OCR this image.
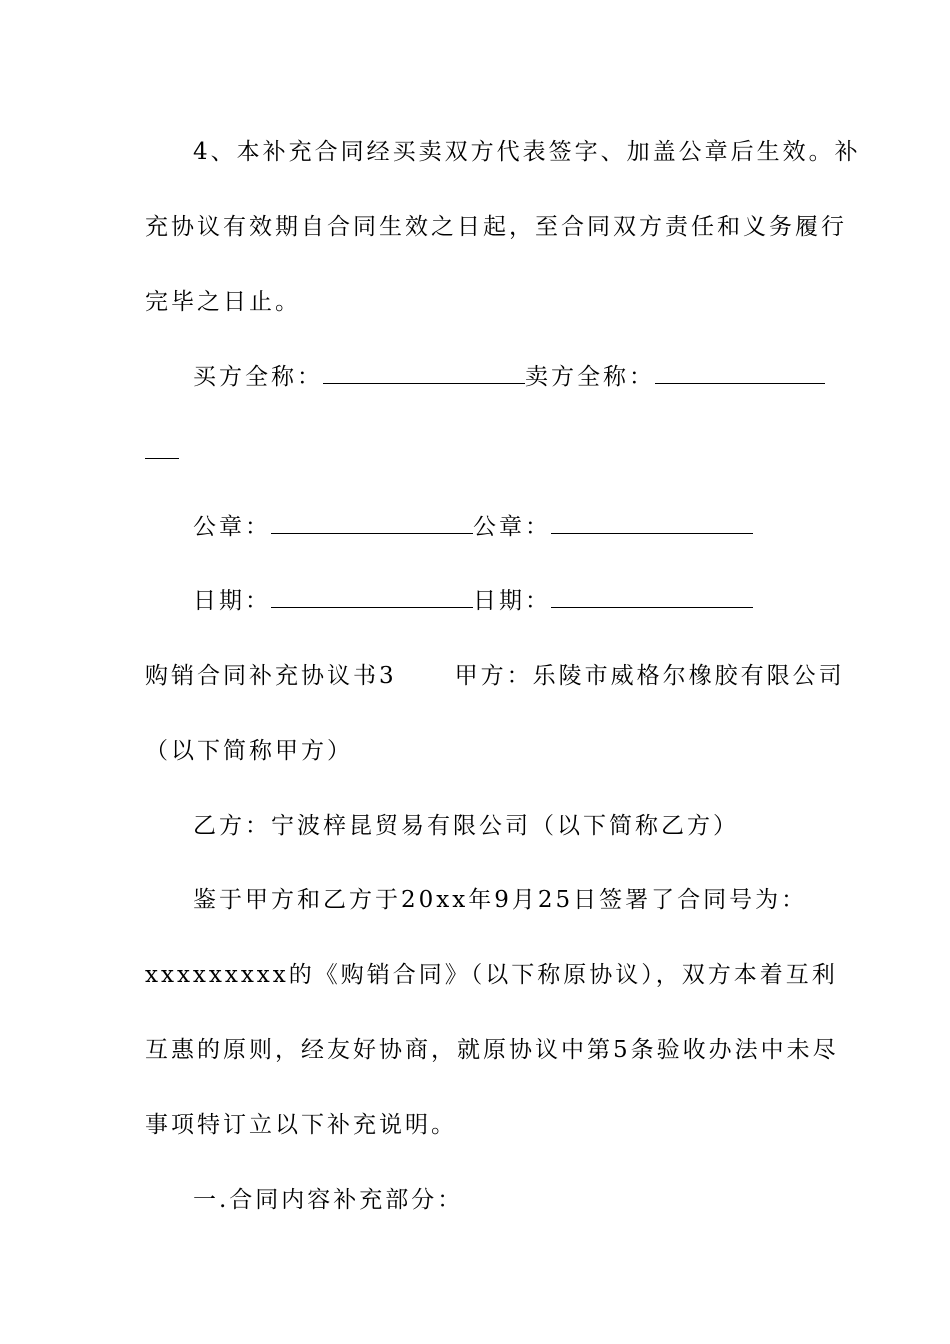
4、本补充合同经买卖双方代表签字、加盖公章后生效。补
充协议有效期自合同生效之日起，至合同双方责任和义务履行
完毕之日止。
买方全称：	卖方全称：
公章：	公章：
日期：	日期：
购销合同补充协议书3	甲方：乐陵市威格尔橡胶有限公司
（以下简称甲方）
乙方：宁波梓昆贸易有限公司（以下简称乙方）
鉴于甲方和乙方于20xx年9月25日签署了合同号为：
xxxxxxxxx的《购销合同》（以下称原协议），双方本着互利
互惠的原则，经友好协商，就原协议中第5条验收办法中未尽
事项特订立以下补充说明。
一.合同内容补充部分：
